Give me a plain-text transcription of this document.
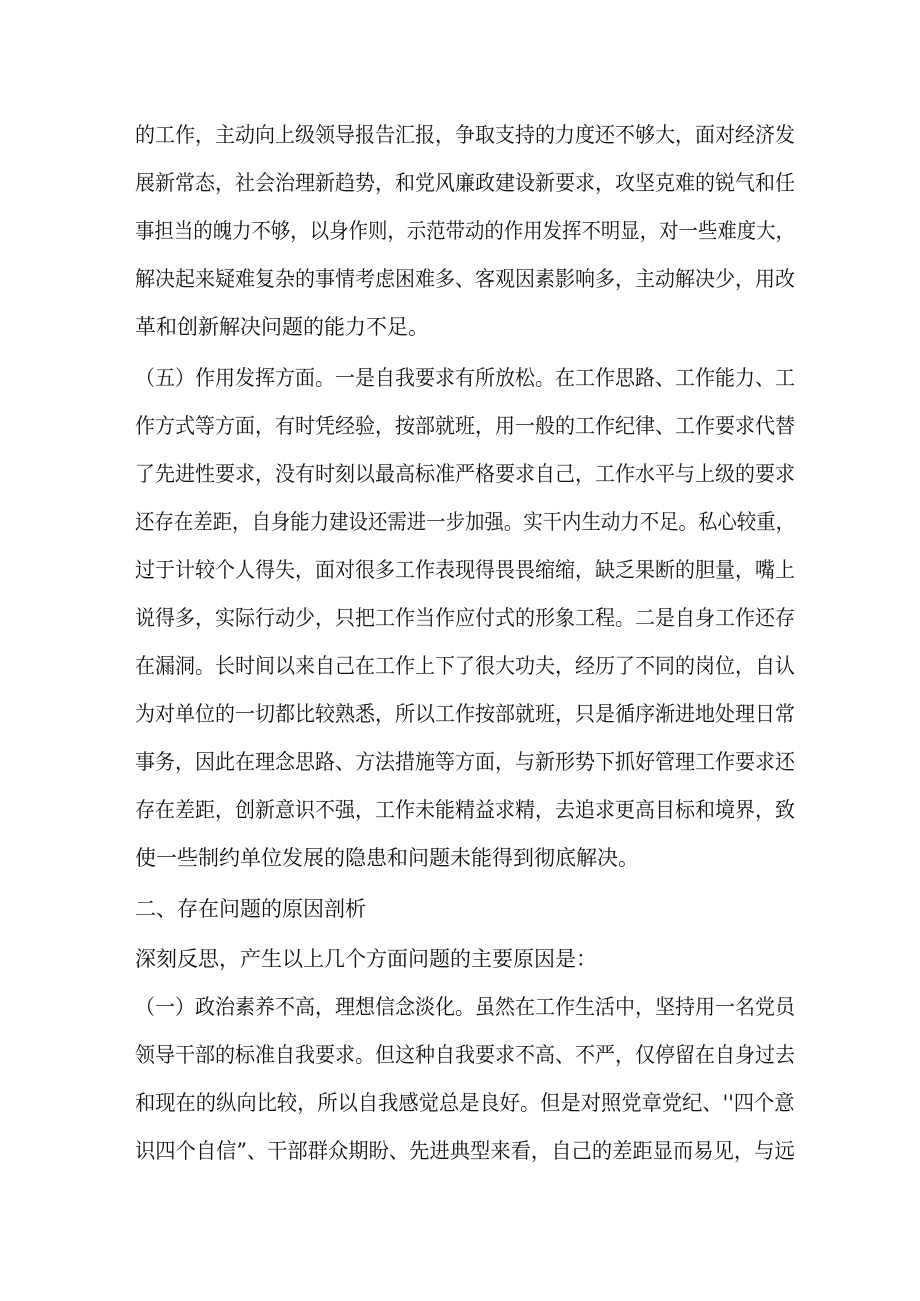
的工作，主动向上级领导报告汇报，争取支持的力度还不够大，面对经济发
展新常态，社会治理新趋势，和党风廉政建设新要求，攻坚克难的锐气和任
事担当的魄力不够，以身作则，示范带动的作用发挥不明显，对一些难度大，
解决起来疑难复杂的事情考虑困难多、客观因素影响多，主动解决少，用改
革和创新解决问题的能力不足。
（五）作用发挥方面。一是自我要求有所放松。在工作思路、工作能力、工
作方式等方面，有时凭经验，按部就班，用一般的工作纪律、工作要求代替
了先进性要求，没有时刻以最高标准严格要求自己，工作水平与上级的要求
还存在差距，自身能力建设还需进一步加强。实干内生动力不足。私心较重，
过于计较个人得失，面对很多工作表现得畏畏缩缩，缺乏果断的胆量，嘴上
说得多，实际行动少，只把工作当作应付式的形象工程。二是自身工作还存
在漏洞。长时间以来自己在工作上下了很大功夫，经历了不同的岗位，自认
为对单位的一切都比较熟悉，所以工作按部就班，只是循序渐进地处理日常
事务，因此在理念思路、方法措施等方面，与新形势下抓好管理工作要求还
存在差距，创新意识不强，工作未能精益求精，去追求更高目标和境界，致
使一些制约单位发展的隐患和问题未能得到彻底解决。
二、存在问题的原因剖析
深刻反思，产生以上几个方面问题的主要原因是：
（一）政治素养不高，理想信念淡化。虽然在工作生活中，坚持用一名党员
领导干部的标准自我要求。但这种自我要求不高、不严，仅停留在自身过去
和现在的纵向比较，所以自我感觉总是良好。但是对照党章党纪、''四个意
识四个自信”、干部群众期盼、先进典型来看，自己的差距显而易见，与远
